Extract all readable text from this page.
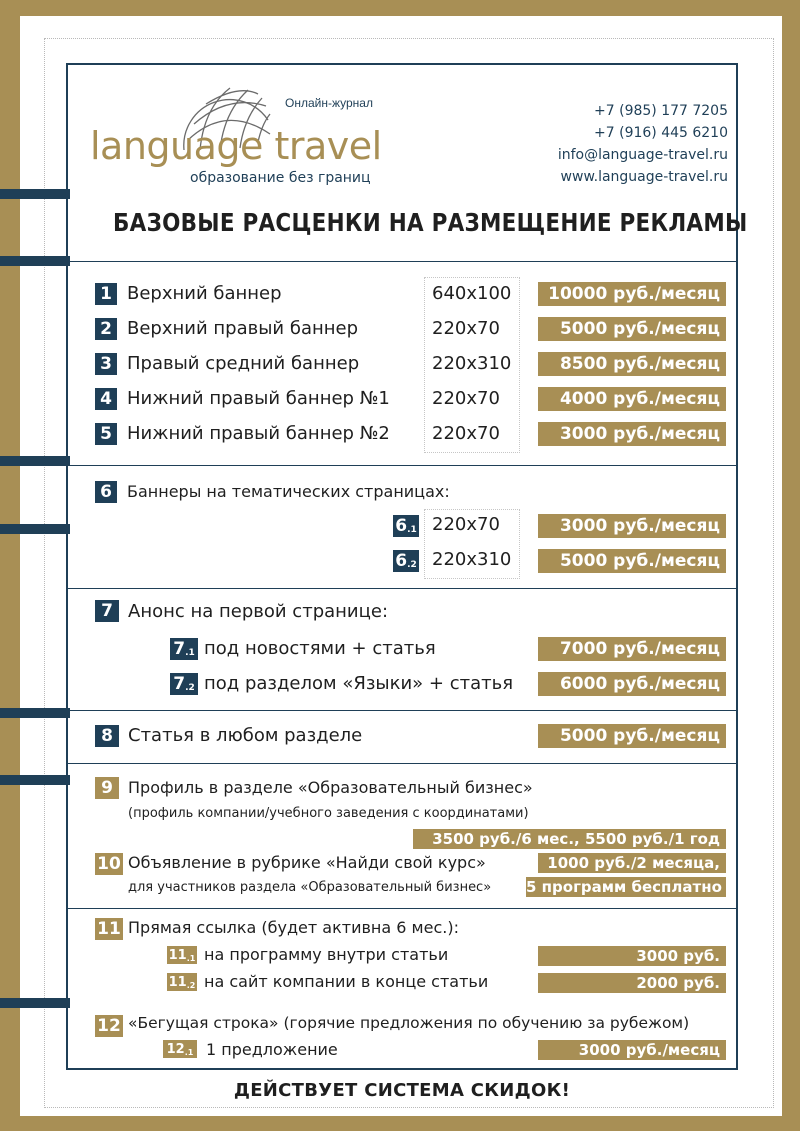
Онлайн-журнал
language travel
образование без границ
+7 (985) 177 7205
+7 (916) 445 6210
info@language-travel.ru
www.language-travel.ru
БАЗОВЫЕ РАСЦЕНКИ НА РАЗМЕЩЕНИЕ РЕКЛАМЫ
1 Верхний баннер	640x100	10000 руб./месяц
2 Верхний правый баннер	220x70	5000 руб./месяц
3 Правый средний баннер	220x310	8500 руб./месяц
4 Нижний правый баннер №1 220x70	4000 руб./месяц
5 Нижний правый баннер №2 220x70	3000 руб./месяц
6 Баннеры на тематических страницах:
6 .1 220x70	3000 руб./месяц
6 .2 220x310	5000 руб./месяц
7 Анонс на первой странице:
7 .1 под новостями + статья	7000 руб./месяц
7 .2 под разделом «Языки» + статья	6000 руб./месяц
8 Статья в любом разделе	5000 руб./месяц
9 Профиль в разделе «Образовательный бизнес»
(профиль компании/учебного заведения с координатами)
3500 руб./6 мес., 5500 руб./1 год
10 Объявление в рубрике «Найди свой курс»	1000 руб./2 месяца,
для участников раздела «Образовательный бизнес» 5 программ бесплатно
11 Прямая ссылка (будет активна 6 мес.):
11 .1 на программу внутри статьи	3000 руб.
11 .2 на сайт компании в конце статьи	2000 руб.
12 «Бегущая строка» (горячие предложения по обучению за рубежом)
12 .1 1 предложение	3000 руб./месяц
ДЕЙСТВУЕТ СИСТЕМА СКИДОК!
